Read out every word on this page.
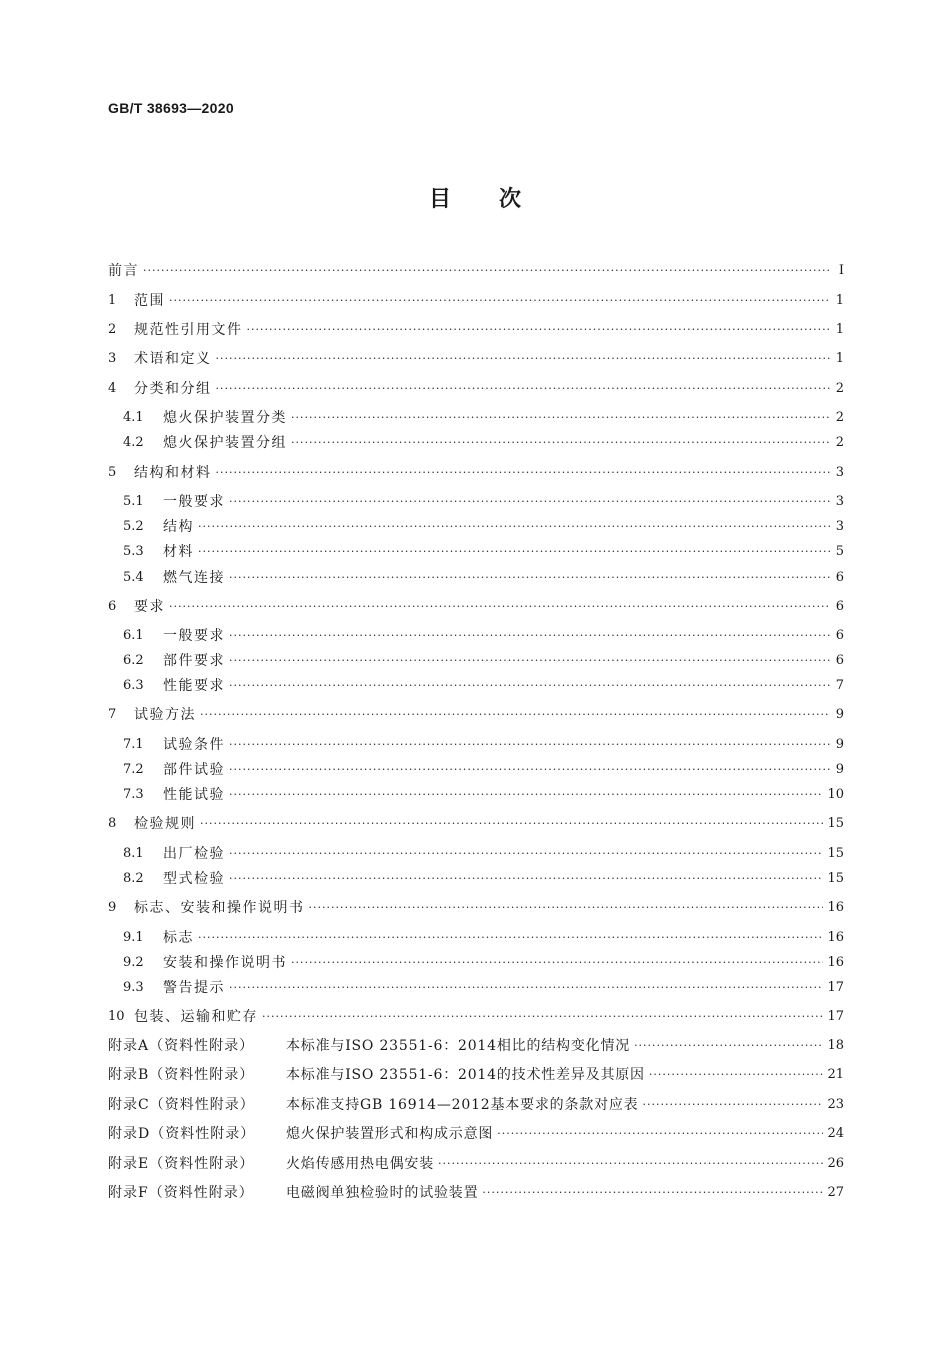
GB/T 38693—2020
目 次
前言 ·····	Ⅰ
1	范围 ·····	1
2	规范性引用文件 ·····	1
3	术语和定义 ·····	1
4	分类和分组 ·····	2
4.1	熄火保护装置分类 ·····	2
4.2	熄火保护装置分组 ·····	2
5	结构和材料 ·····	3
5.1	一般要求 ·····	3
5.2	结构 ·····	3
5.3	材料 ·····	5
5.4	燃气连接 ·····	6
6	要求 ·····	6
6.1	一般要求 ·····	6
6.2	部件要求 ·····	6
6.3	性能要求 ·····	7
7	试验方法 ·····	9
7.1	试验条件 ·····	9
7.2	部件试验 ·····	9
7.3	性能试验 ·····	10
8	检验规则 ·····	15
8.1	出厂检验 ·····	15
8.2	型式检验 ·····	15
9	标志、安装和操作说明书 ·····	16
9.1	标志 ·····	16
9.2	安装和操作说明书 ·····	16
9.3	警告提示 ·····	17
10 包装、运输和贮存 ·····	17
附录A（资料性附录）	本标准与ISO 23551-6：2014相比的结构变化情况 ·····	18
附录B（资料性附录）	本标准与ISO 23551-6：2014的技术性差异及其原因 ·····	21
附录C（资料性附录）	本标准支持GB 16914—2012基本要求的条款对应表 ·····	23
附录D（资料性附录）	熄火保护装置形式和构成示意图 ·····	24
附录E（资料性附录）	火焰传感用热电偶安装 ·····	26
附录F（资料性附录）	电磁阀单独检验时的试验装置 ·····	27
